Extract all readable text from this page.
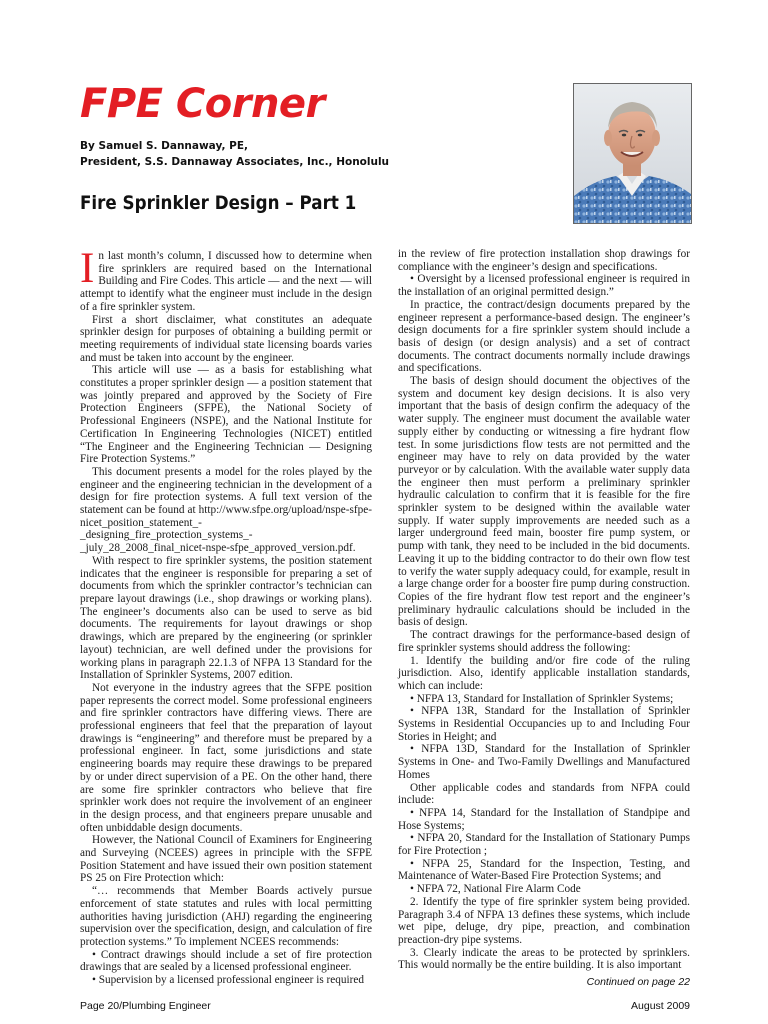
FPE Corner
By Samuel S. Dannaway, PE,
President, S.S. Dannaway Associates, Inc., Honolulu
Fire Sprinkler Design – Part 1

In last month’s column, I discussed how to determine when fire sprinklers are required based on the International Building and Fire Codes. This article — and the next — will attempt to identify what the engineer must include in the design of a fire sprinkler system.

First a short disclaimer, what constitutes an adequate sprinkler design for purposes of obtaining a building permit or meeting requirements of individual state licensing boards varies and must be taken into account by the engineer.

This article will use — as a basis for establishing what constitutes a proper sprinkler design — a position statement that was jointly prepared and approved by the Society of Fire Protection Engineers (SFPE), the National Society of Professional Engineers (NSPE), and the National Institute for Certification In Engineering Technologies (NICET) entitled “The Engineer and the Engineering Technician — Designing Fire Protection Systems.”

This document presents a model for the roles played by the engineer and the engineering technician in the development of a design for fire protection systems. A full text version of the statement can be found at http://www.sfpe.org/upload/nspe-sfpe-nicet_position_statement_-_designing_fire_protection_systems_-_july_28_2008_final_nicet-nspe-sfpe_approved_version.pdf.

With respect to fire sprinkler systems, the position statement indicates that the engineer is responsible for preparing a set of documents from which the sprinkler contractor’s technician can prepare layout drawings (i.e., shop drawings or working plans). The engineer’s documents also can be used to serve as bid documents. The requirements for layout drawings or shop drawings, which are prepared by the engineering (or sprinkler layout) technician, are well defined under the provisions for working plans in paragraph 22.1.3 of NFPA 13 Standard for the Installation of Sprinkler Systems, 2007 edition.

Not everyone in the industry agrees that the SFPE position paper represents the correct model. Some professional engineers and fire sprinkler contractors have differing views. There are professional engineers that feel that the preparation of layout drawings is “engineering” and therefore must be prepared by a professional engineer. In fact, some jurisdictions and state engineering boards may require these drawings to be prepared by or under direct supervision of a PE. On the other hand, there are some fire sprinkler contractors who believe that fire sprinkler work does not require the involvement of an engineer in the design process, and that engineers prepare unusable and often unbiddable design documents.

However, the National Council of Examiners for Engineering and Surveying (NCEES) agrees in principle with the SFPE Position Statement and have issued their own position statement PS 25 on Fire Protection which:

“… recommends that Member Boards actively pursue enforcement of state statutes and rules with local permitting authorities having jurisdiction (AHJ) regarding the engineering supervision over the specification, design, and calculation of fire protection systems.” To implement NCEES recommends:

• Contract drawings should include a set of fire protection drawings that are sealed by a licensed professional engineer.

• Supervision by a licensed professional engineer is required

in the review of fire protection installation shop drawings for compliance with the engineer’s design and specifications.

• Oversight by a licensed professional engineer is required in the installation of an original permitted design.”

In practice, the contract/design documents prepared by the engineer represent a performance-based design. The engineer’s design documents for a fire sprinkler system should include a basis of design (or design analysis) and a set of contract documents. The contract documents normally include drawings and specifications.

The basis of design should document the objectives of the system and document key design decisions. It is also very important that the basis of design confirm the adequacy of the water supply. The engineer must document the available water supply either by conducting or witnessing a fire hydrant flow test. In some jurisdictions flow tests are not permitted and the engineer may have to rely on data provided by the water purveyor or by calculation. With the available water supply data the engineer then must perform a preliminary sprinkler hydraulic calculation to confirm that it is feasible for the fire sprinkler system to be designed within the available water supply. If water supply improvements are needed such as a larger underground feed main, booster fire pump system, or pump with tank, they need to be included in the bid documents. Leaving it up to the bidding contractor to do their own flow test to verify the water supply adequacy could, for example, result in a large change order for a booster fire pump during construction. Copies of the fire hydrant flow test report and the engineer’s preliminary hydraulic calculations should be included in the basis of design.

The contract drawings for the performance-based design of fire sprinkler systems should address the following:

1. Identify the building and/or fire code of the ruling jurisdiction. Also, identify applicable installation standards, which can include:

• NFPA 13, Standard for Installation of Sprinkler Systems;

• NFPA 13R, Standard for the Installation of Sprinkler Systems in Residential Occupancies up to and Including Four Stories in Height; and

• NFPA 13D, Standard for the Installation of Sprinkler Systems in One- and Two-Family Dwellings and Manufactured Homes

Other applicable codes and standards from NFPA could include:

• NFPA 14, Standard for the Installation of Standpipe and Hose Systems;

• NFPA 20, Standard for the Installation of Stationary Pumps for Fire Protection ;

• NFPA 25, Standard for the Inspection, Testing, and Maintenance of Water-Based Fire Protection Systems; and

• NFPA 72, National Fire Alarm Code

2. Identify the type of fire sprinkler system being provided. Paragraph 3.4 of NFPA 13 defines these systems, which include wet pipe, deluge, dry pipe, preaction, and combination preaction-dry pipe systems.

3. Clearly indicate the areas to be protected by sprinklers. This would normally be the entire building. It is also important

Continued on page 22
Page 20/Plumbing Engineer	August 2009
